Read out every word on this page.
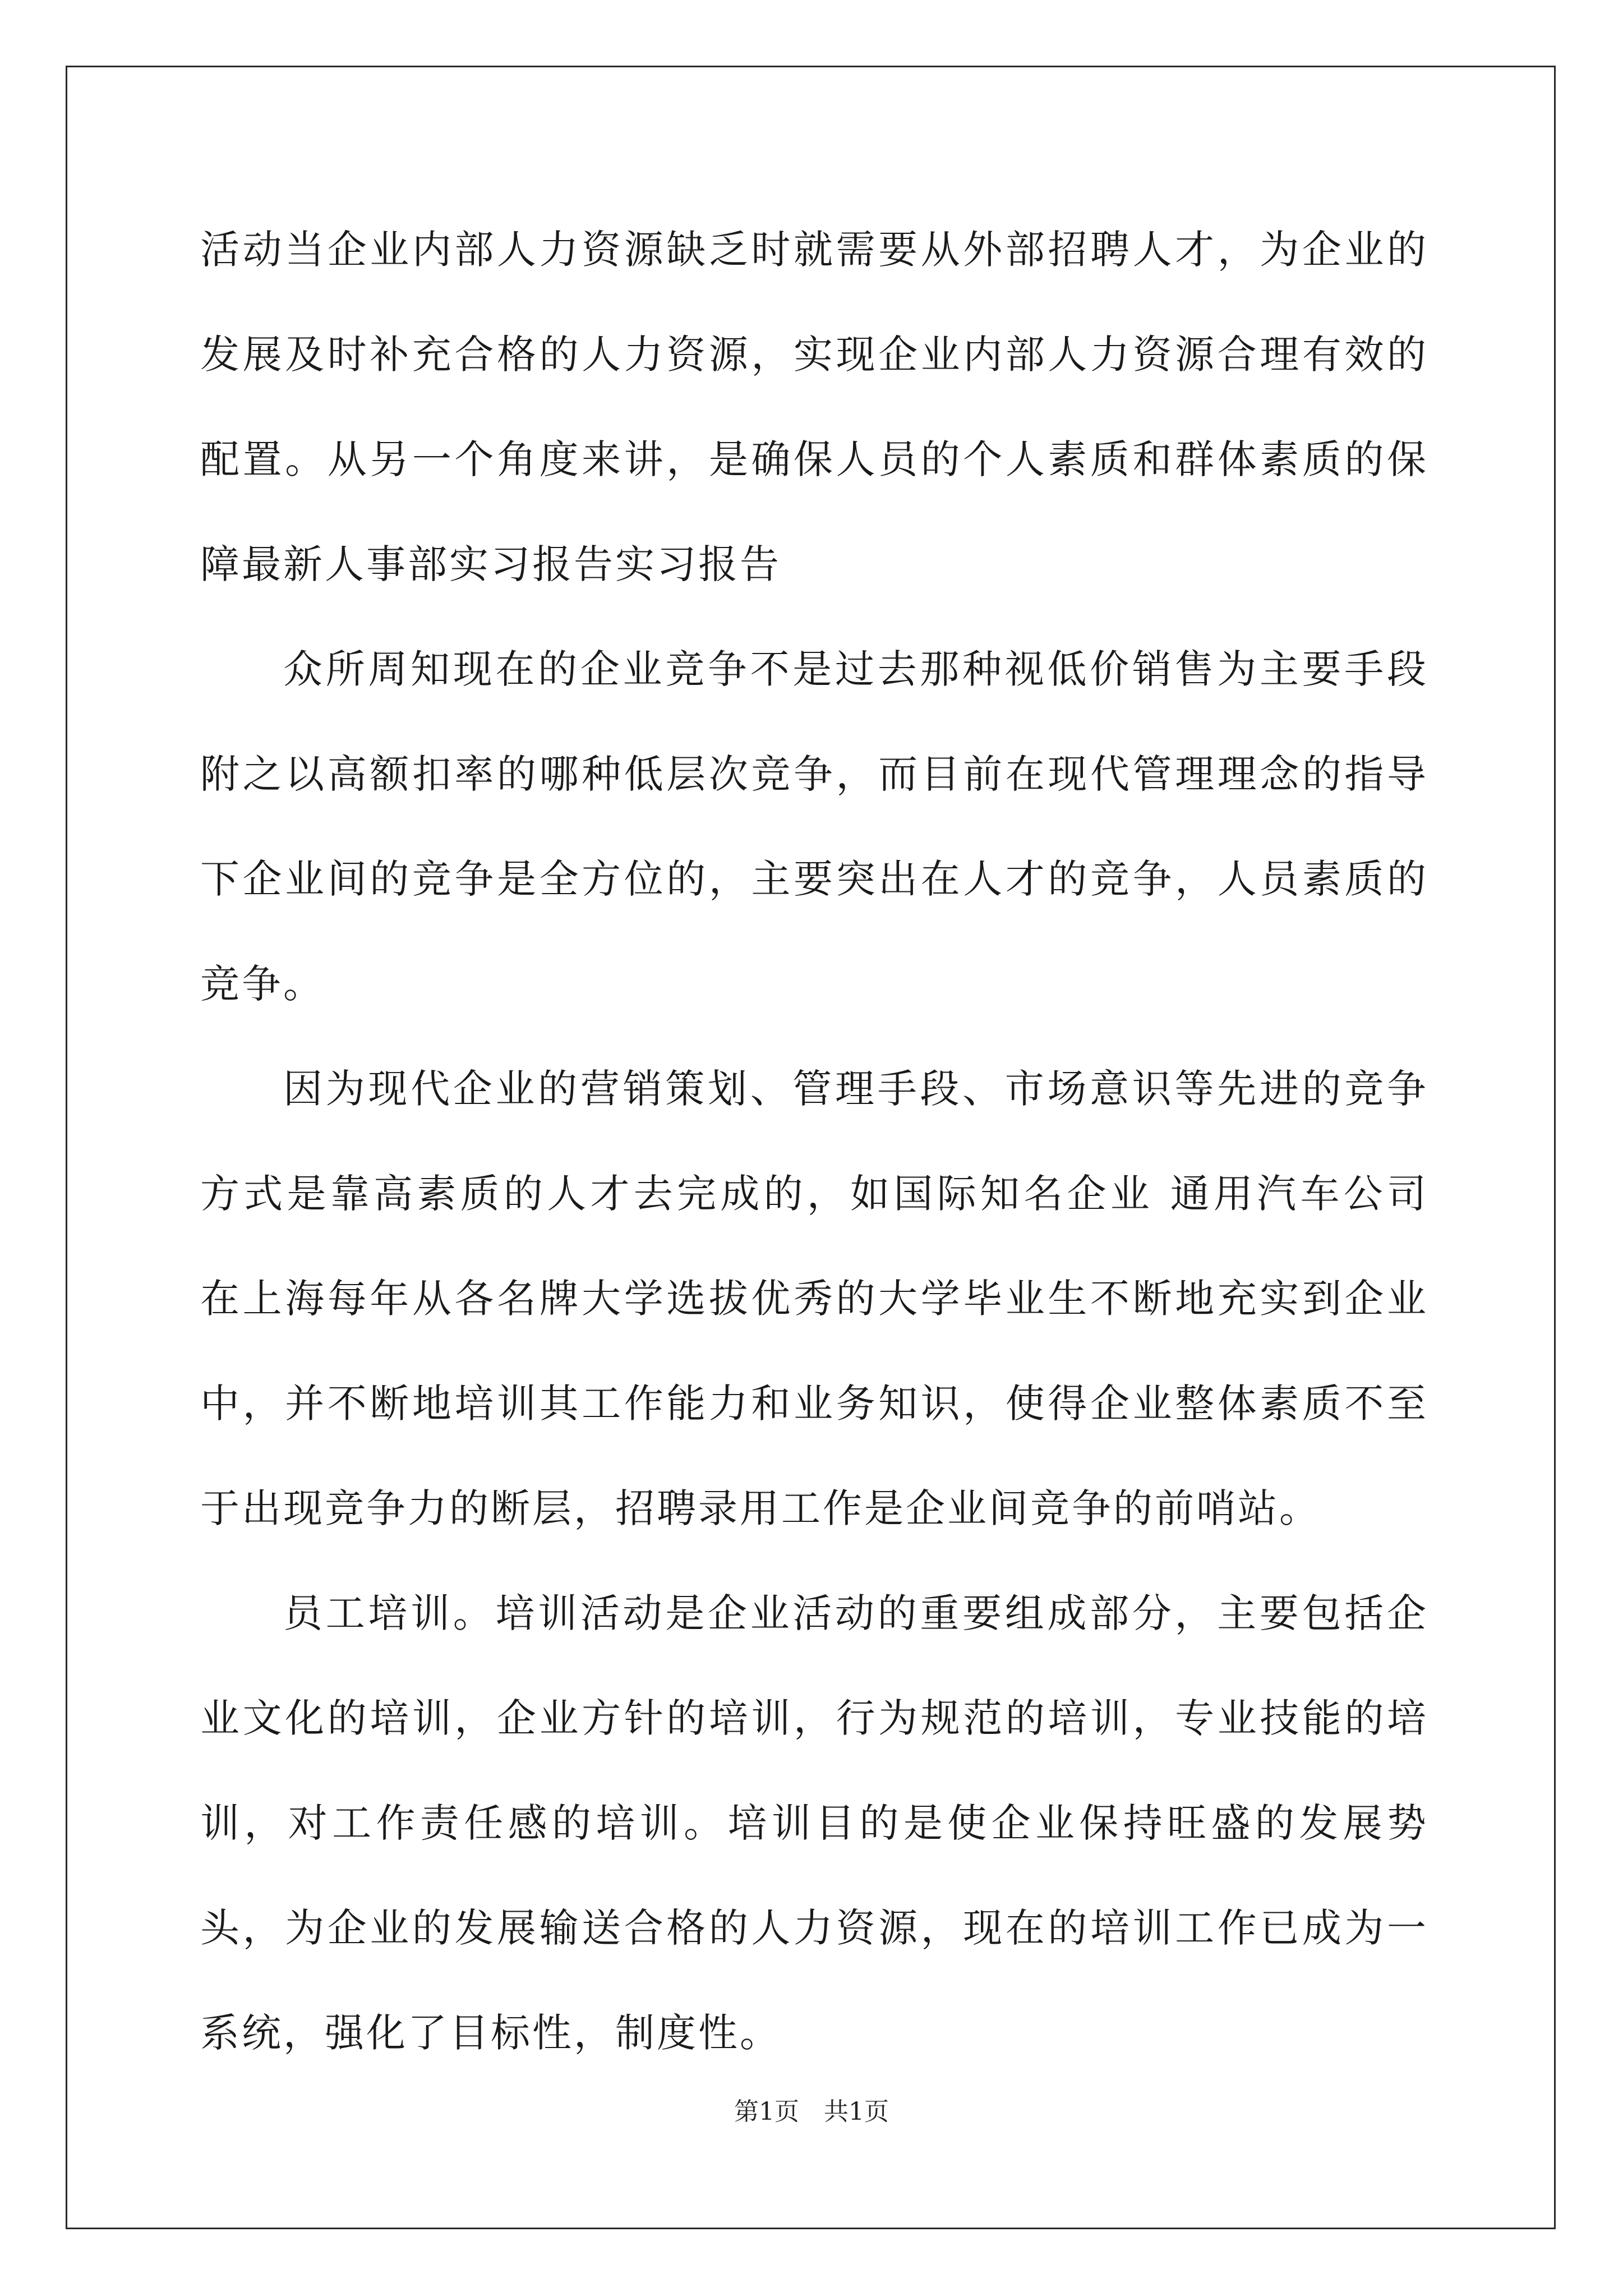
活动当企业内部人力资源缺乏时就需要从外部招聘人才，为企业的发展及时补充合格的人力资源，实现企业内部人力资源合理有效的配置。从另一个角度来讲，是确保人员的个人素质和群体素质的保障最新人事部实习报告实习报告

众所周知现在的企业竞争不是过去那种视低价销售为主要手段附之以高额扣率的哪种低层次竞争，而目前在现代管理理念的指导下企业间的竞争是全方位的，主要突出在人才的竞争，人员素质的竞争。

因为现代企业的营销策划、管理手段、市场意识等先进的竞争方式是靠高素质的人才去完成的，如国际知名企业 通用汽车公司 在上海每年从各名牌大学选拔优秀的大学毕业生不断地充实到企业中，并不断地培训其工作能力和业务知识，使得企业整体素质不至于出现竞争力的断层，招聘录用工作是企业间竞争的前哨站。

员工培训。培训活动是企业活动的重要组成部分，主要包括企业文化的培训，企业方针的培训，行为规范的培训，专业技能的培训，对工作责任感的培训。培训目的是使企业保持旺盛的发展势头，为企业的发展输送合格的人力资源，现在的培训工作已成为一系统，强化了目标性，制度性。

第1页 共1页
